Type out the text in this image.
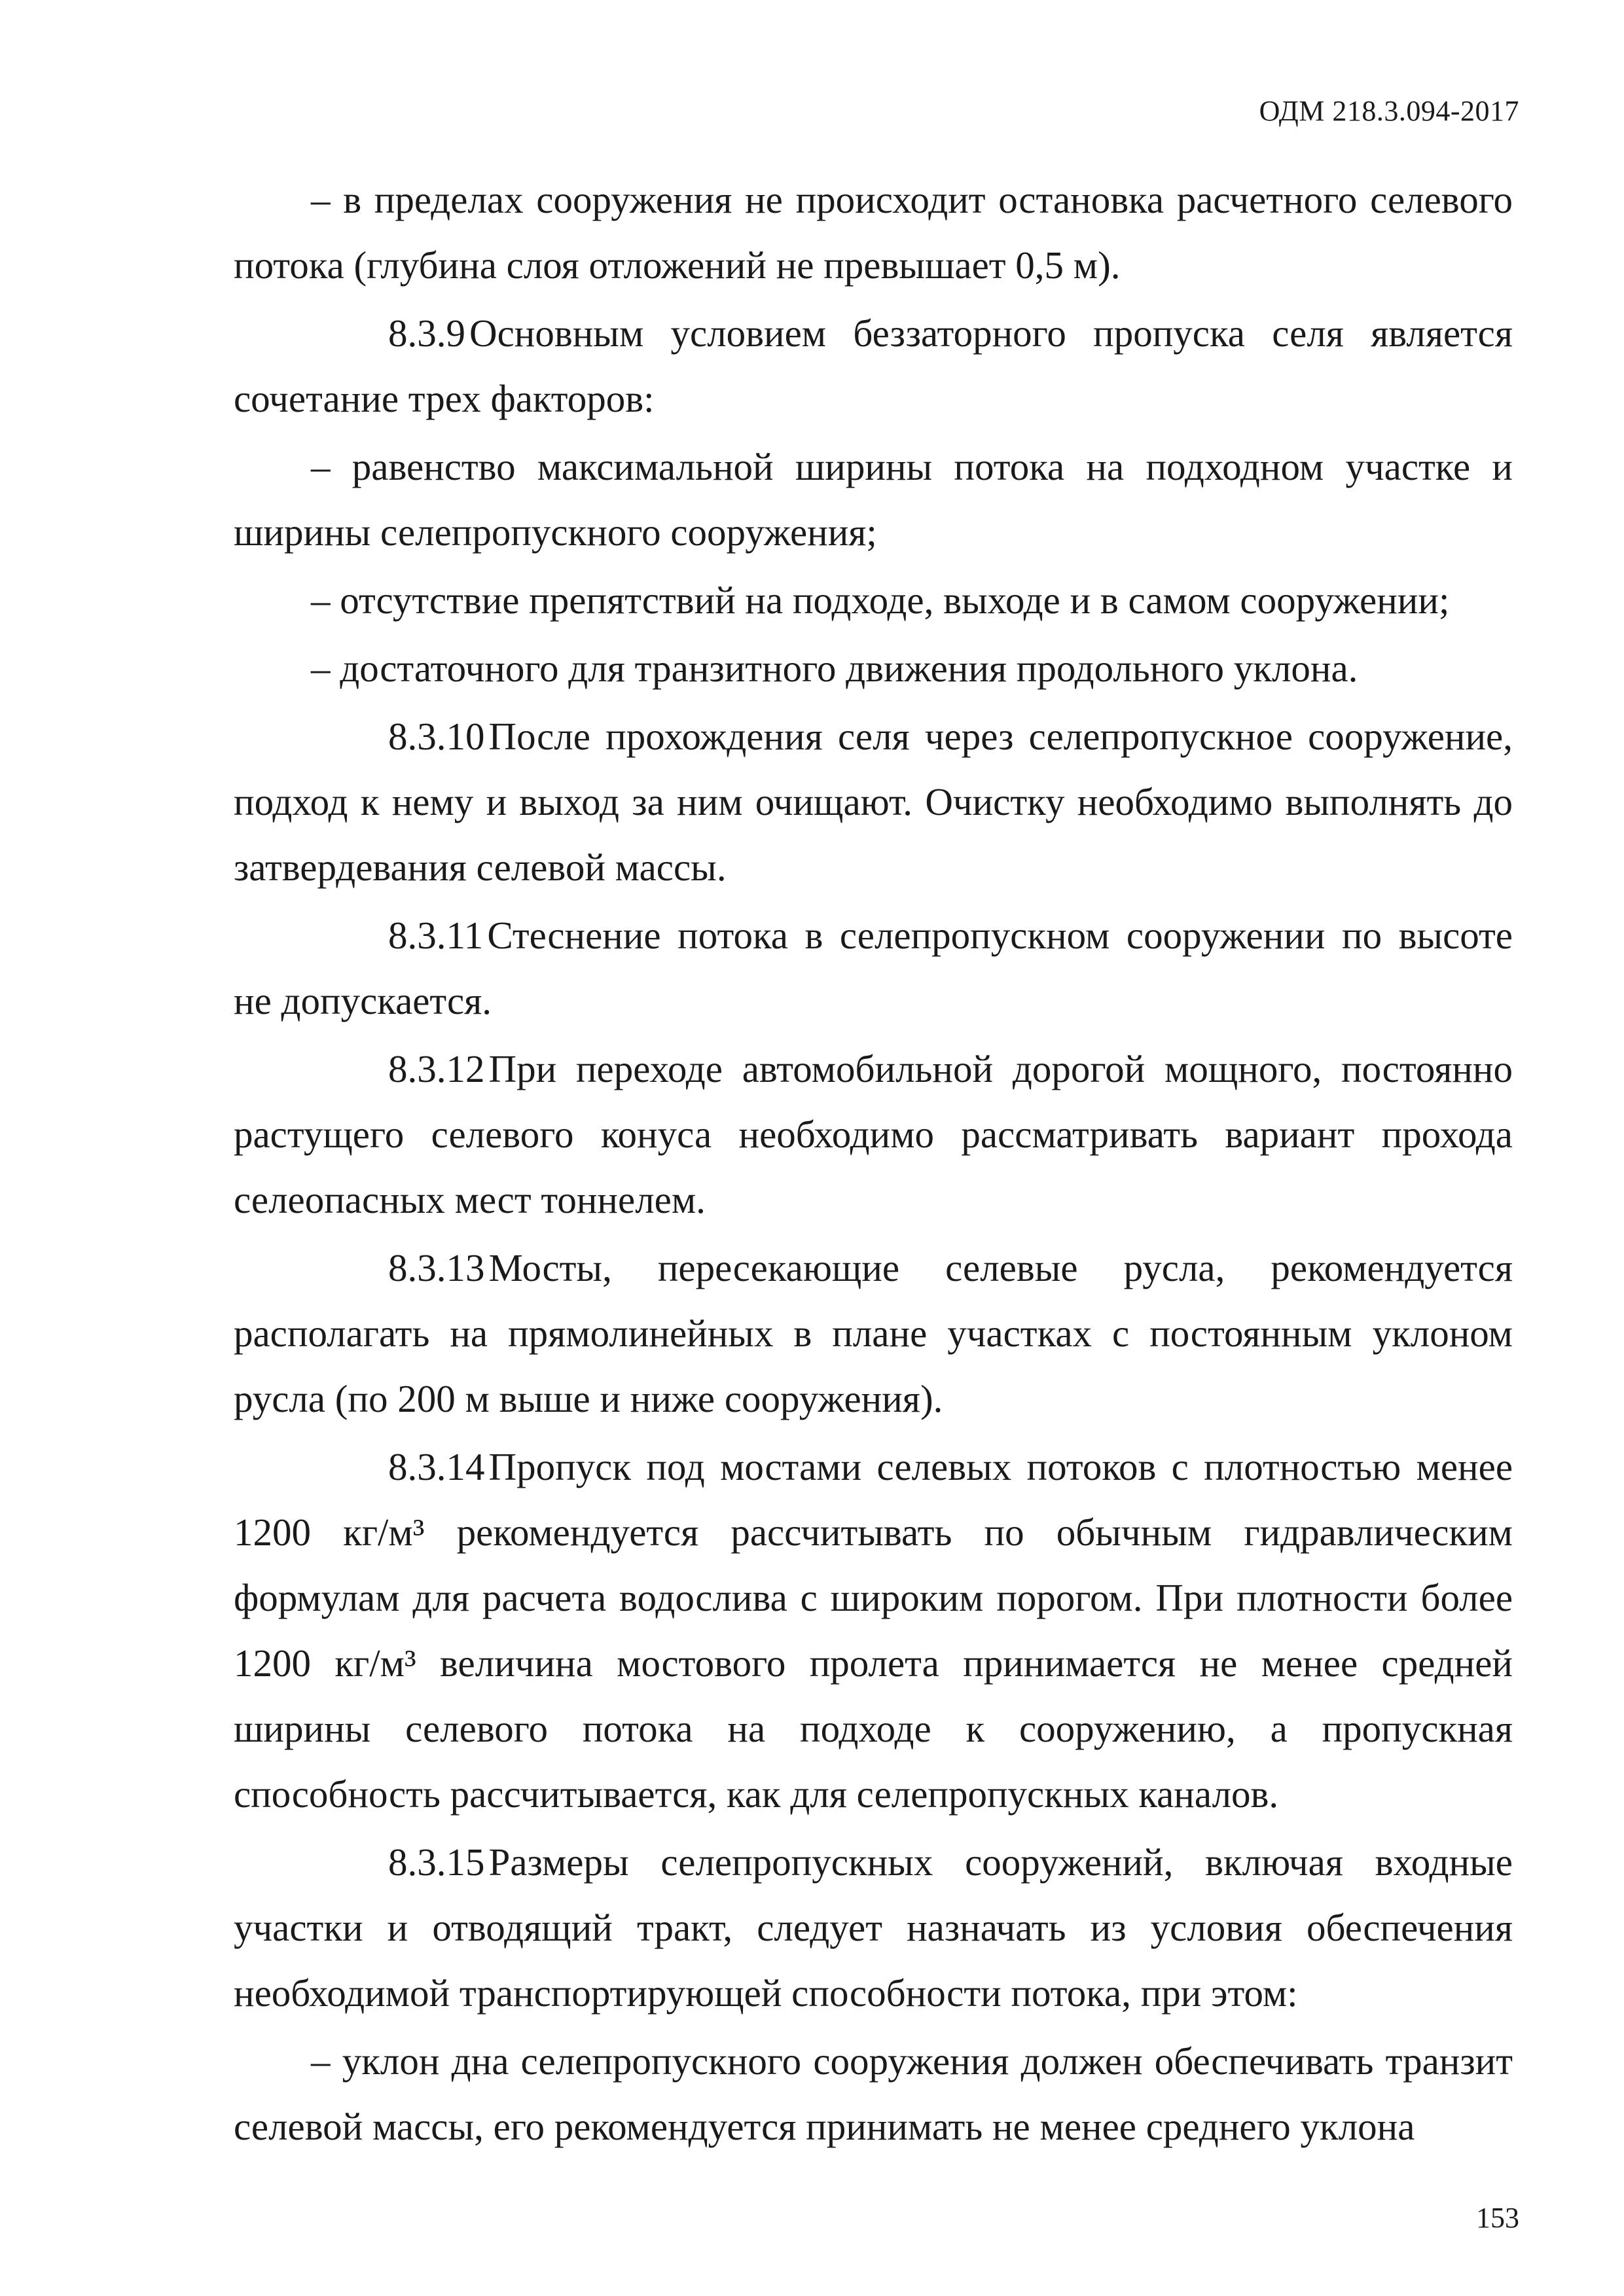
ОДМ 218.3.094-2017

– в пределах сооружения не происходит остановка расчетного селевого потока (глубина слоя отложений не превышает 0,5 м).

8.3.9 Основным условием беззаторного пропуска селя является сочетание трех факторов:

– равенство максимальной ширины потока на подходном участке и ширины селепропускного сооружения;

– отсутствие препятствий на подходе, выходе и в самом сооружении;

– достаточного для транзитного движения продольного уклона.

8.3.10 После прохождения селя через селепропускное сооружение, подход к нему и выход за ним очищают. Очистку необходимо выполнять до затвердевания селевой массы.

8.3.11 Стеснение потока в селепропускном сооружении по высоте не допускается.

8.3.12 При переходе автомобильной дорогой мощного, постоянно растущего селевого конуса необходимо рассматривать вариант прохода селеопасных мест тоннелем.

8.3.13 Мосты, пересекающие селевые русла, рекомендуется располагать на прямолинейных в плане участках с постоянным уклоном русла (по 200 м выше и ниже сооружения).

8.3.14 Пропуск под мостами селевых потоков с плотностью менее 1200 кг/м³ рекомендуется рассчитывать по обычным гидравлическим формулам для расчета водослива с широким порогом. При плотности более 1200 кг/м³ величина мостового пролета принимается не менее средней ширины селевого потока на подходе к сооружению, а пропускная способность рассчитывается, как для селепропускных каналов.

8.3.15 Размеры селепропускных сооружений, включая входные участки и отводящий тракт, следует назначать из условия обеспечения необходимой транспортирующей способности потока, при этом:

– уклон дна селепропускного сооружения должен обеспечивать транзит селевой массы, его рекомендуется принимать не менее среднего уклона

153
